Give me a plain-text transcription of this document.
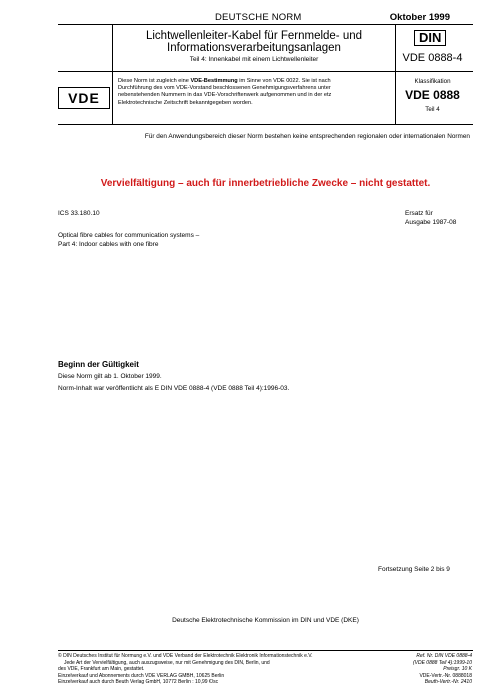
DEUTSCHE NORM	Oktober 1999
Lichtwellenleiter-Kabel für Fernmelde- und
Informationsverarbeitungsanlagen
Teil 4: Innenkabel mit einem Lichtwellenleiter
DIN
VDE 0888-4
VDE
Diese Norm ist zugleich eine VDE-Bestimmung im Sinne von VDE 0022. Sie ist nach
Durchführung des vom VDE-Vorstand beschlossenen Genehmigungsverfahrens unter
nebenstehenden Nummern in das VDE-Vorschriftenwerk aufgenommen und in der etz
Elektrotechnische Zeitschrift bekanntgegeben worden.
Klassifikation
VDE 0888
Teil 4
Für den Anwendungsbereich dieser Norm bestehen keine entsprechenden regionalen oder internationalen Normen
Vervielfältigung – auch für innerbetriebliche Zwecke – nicht gestattet.
ICS 33.180.10	Ersatz für
Ausgabe 1987-08
Optical fibre cables for communication systems –
Part 4: Indoor cables with one fibre
Beginn der Gültigkeit
Diese Norm gilt ab 1. Oktober 1999.
Norm-Inhalt war veröffentlicht als E DIN VDE 0888-4 (VDE 0888 Teil 4):1996-03.
Fortsetzung Seite 2 bis 9
Deutsche Elektrotechnische Kommission im DIN und VDE (DKE)
© DIN Deutsches Institut für Normung e.V. und VDE Verband der Elektrotechnik Elektronik Informationstechnik e.V.
Jede Art der Vervielfältigung, auch auszugsweise, nur mit Genehmigung des DIN, Berlin, und
des VDE, Frankfurt am Main, gestattet.
Einzelverkauf und Abonnements durch VDE VERLAG GMBH, 10625 Berlin
Einzelverkauf auch durch Beuth Verlag GmbH, 10772 Berlin : 10,99 €/sc
Ref. Nr. DIN VDE 0888-4
(VDE 0888 Teil 4):1999-10
Preisgr. 10 K
VDE-Vertr.-Nr. 0888018
Beuth-Vertr.-Nr. 2410
